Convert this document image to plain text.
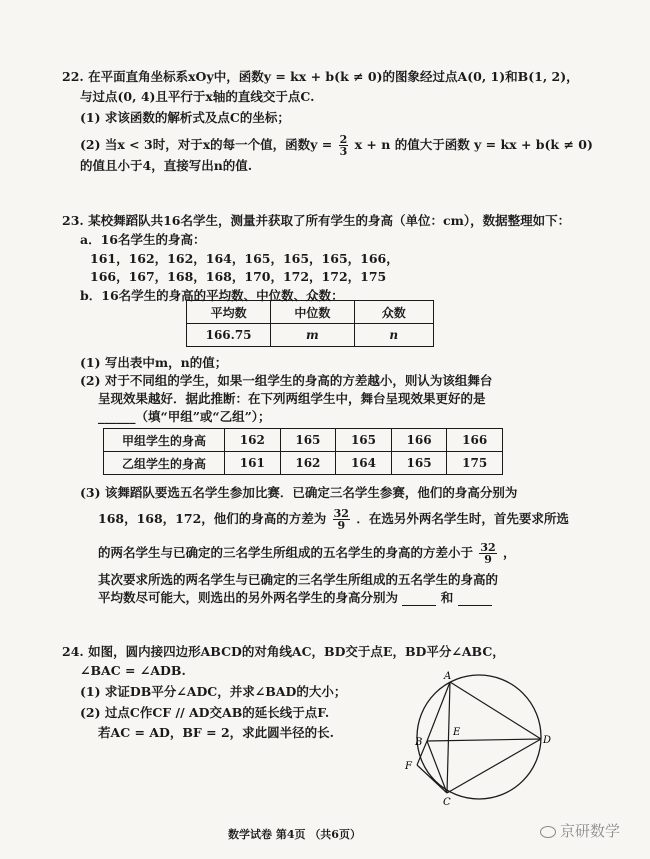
22. 在平面直角坐标系xOy中，函数y = kx + b(k ≠ 0)的图象经过点A(0, 1)和B(1, 2)，
与过点(0, 4)且平行于x轴的直线交于点C.
(1) 求该函数的解析式及点C的坐标；
(2) 当x < 3时，对于x的每一个值，函数$y = \frac{2}{3}$ x + n 的值大于函数 y = kx + b(k ≠ 0)
的值且小于4，直接写出n的值.
23. 某校舞蹈队共16名学生，测量并获取了所有学生的身高（单位：cm），数据整理如下：
a．16名学生的身高：
161，162，162，164，165，165，165，166，
166，167，168，168，170，172，172，175
b．16名学生的身高的平均数、中位数、众数：
平均数	中位数	众数
166.75	m	n
(1) 写出表中m，n的值；
(2) 对于不同组的学生，如果一组学生的身高的方差越小，则认为该组舞台
呈现效果越好．据此推断：在下列两组学生中，舞台呈现效果更好的是
______（填“甲组”或“乙组”）；
甲组学生的身高	162	165	165	166	166
乙组学生的身高	161	162	164	165	175
(3) 该舞蹈队要选五名学生参加比赛．已确定三名学生参赛，他们的身高分别为
168，168，172，他们的身高的方差为 $\frac{32}{9}$ ．在选另外两名学生时，首先要求所选
的两名学生与已确定的三名学生所组成的五名学生的身高的方差小于 $\frac{32}{9}$ ，
其次要求所选的两名学生与已确定的三名学生所组成的五名学生的身高的
平均数尽可能大，则选出的另外两名学生的身高分别为	和
24. 如图，圆内接四边形ABCD的对角线AC，BD交于点E，BD平分∠ABC，
∠BAC = ∠ADB.
(1) 求证DB平分∠ADC，并求∠BAD的大小；
(2) 过点C作CF // AD交AB的延长线于点F.
若AC = AD，BF = 2，求此圆半径的长.
A
B
C
D
E
F
数学试卷 第4页 （共6页）	京研数学
